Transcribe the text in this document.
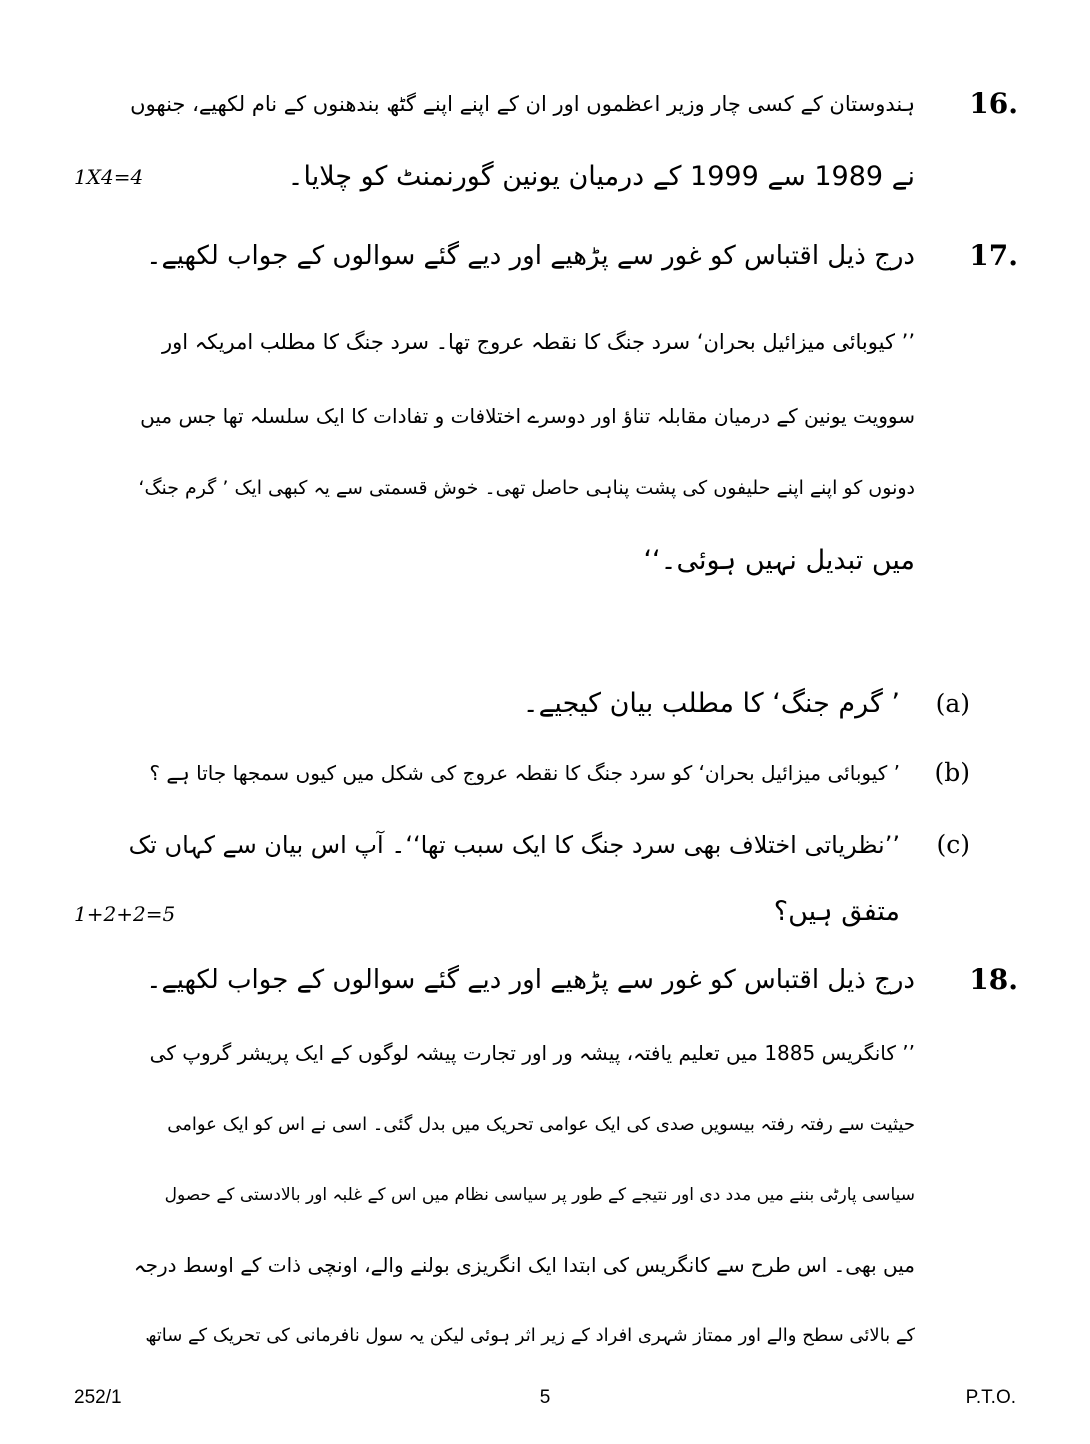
16.
ہندوستان کے کسی چار وزیر اعظموں اور ان کے اپنے اپنے گٹھ بندھنوں کے نام لکھیے، جنھوں
نے 1989 سے 1999 کے درمیان یونین گورنمنٹ کو چلایا۔
1X4=4
17.
درج ذیل اقتباس کو غور سے پڑھیے اور دیے گئے سوالوں کے جواب لکھیے۔
’’ کیوبائی میزائیل بحران‘ سرد جنگ کا نقطہ عروج تھا۔ سرد جنگ کا مطلب امریکہ اور
سوویت یونین کے درمیان مقابلہ تناؤ اور دوسرے اختلافات و تفادات کا ایک سلسلہ تھا جس میں
دونوں کو اپنے اپنے حلیفوں کی پشت پناہی حاصل تھی۔ خوش قسمتی سے یہ کبھی ایک ’ گرم جنگ‘
میں تبدیل نہیں ہوئی۔‘‘
(a)
’ گرم جنگ‘ کا مطلب بیان کیجیے۔
(b)
’ کیوبائی میزائیل بحران‘ کو سرد جنگ کا نقطہ عروج کی شکل میں کیوں سمجھا جاتا ہے ؟
(c)
’’نظریاتی اختلاف بھی سرد جنگ کا ایک سبب تھا‘‘۔ آپ اس بیان سے کہاں تک
متفق ہیں؟
1+2+2=5
18.
درج ذیل اقتباس کو غور سے پڑھیے اور دیے گئے سوالوں کے جواب لکھیے۔
’’ کانگریس 1885 میں تعلیم یافتہ، پیشہ ور اور تجارت پیشہ لوگوں کے ایک پریشر گروپ کی
حیثیت سے رفتہ رفتہ بیسویں صدی کی ایک عوامی تحریک میں بدل گئی۔ اسی نے اس کو ایک عوامی
سیاسی پارٹی بننے میں مدد دی اور نتیجے کے طور پر سیاسی نظام میں اس کے غلبہ اور بالادستی کے حصول
میں بھی۔ اس طرح سے کانگریس کی ابتدا ایک انگریزی بولنے والے، اونچی ذات کے اوسط درجہ
کے بالائی سطح والے اور ممتاز شہری افراد کے زیر اثر ہوئی لیکن یہ سول نافرمانی کی تحریک کے ساتھ
252/1	5	P.T.O.
